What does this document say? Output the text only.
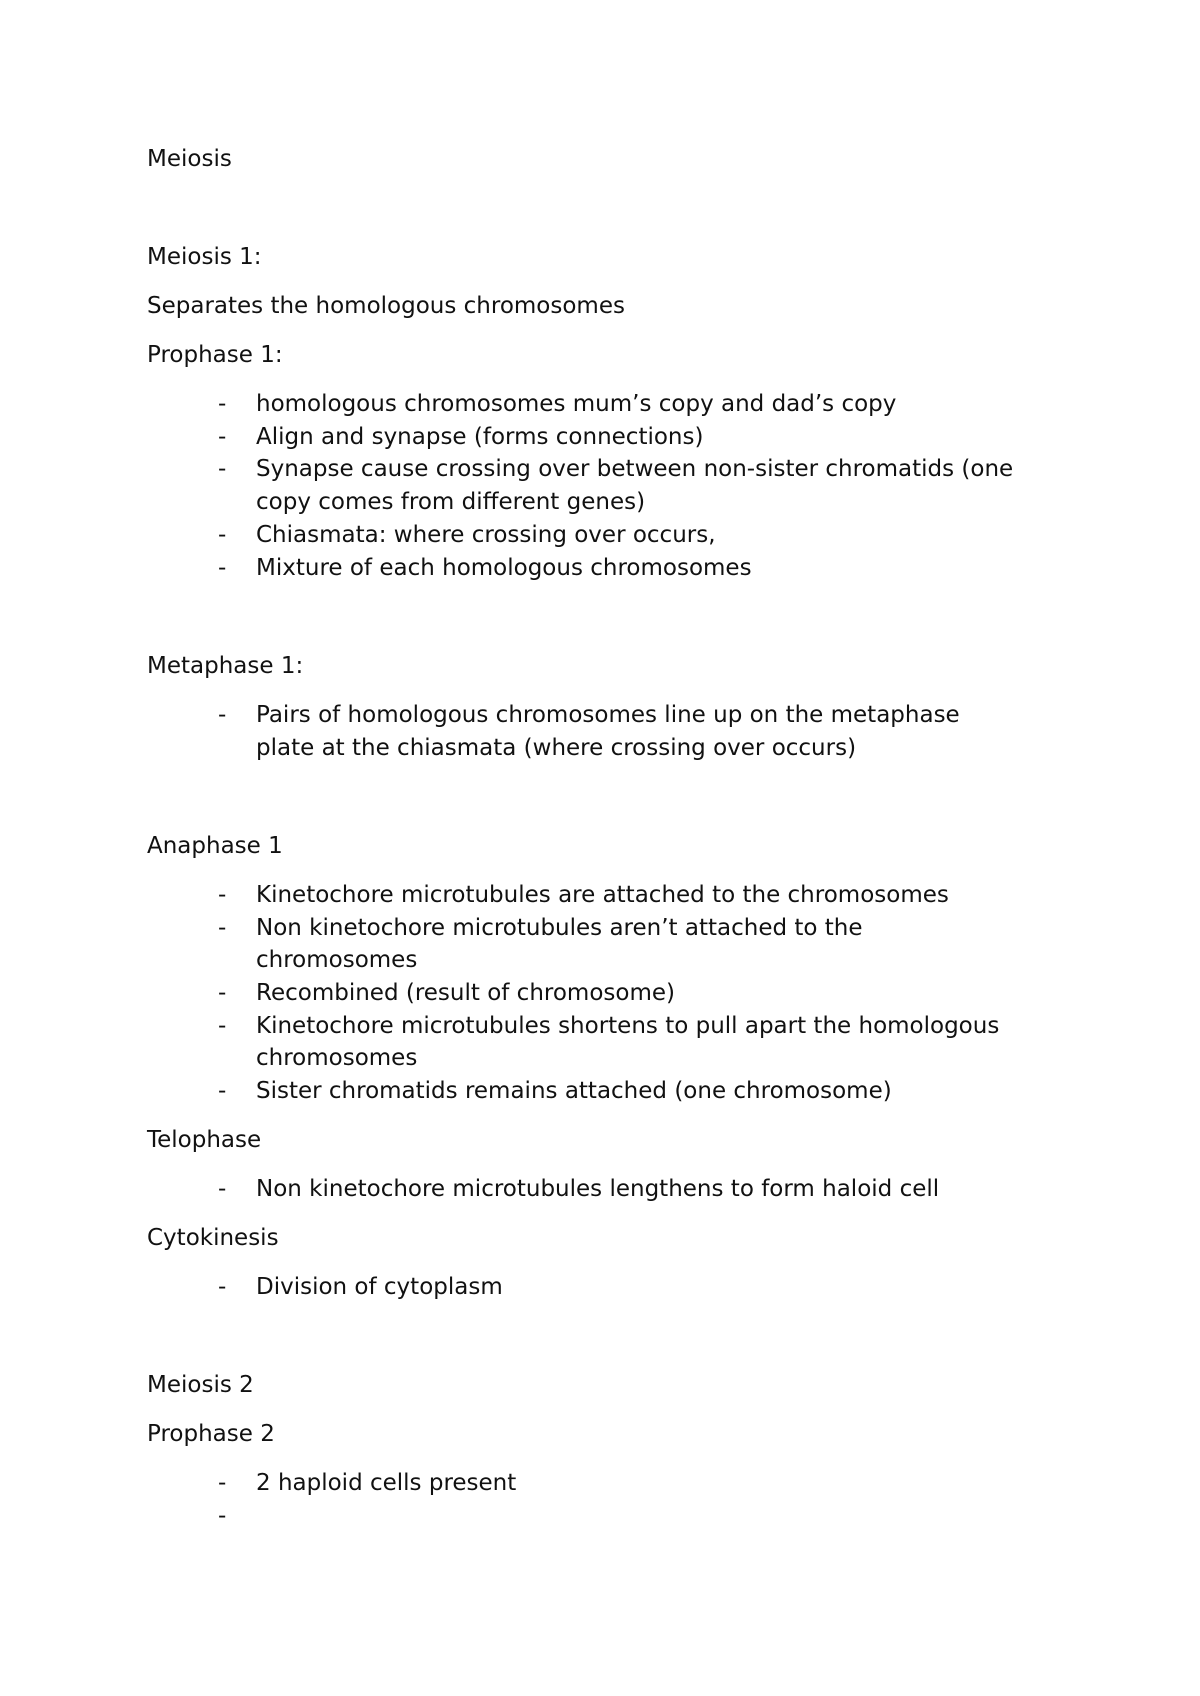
Meiosis
Meiosis 1:
Separates the homologous chromosomes
Prophase 1:
- homologous chromosomes mum’s copy and dad’s copy
- Align and synapse (forms connections)
- Synapse cause crossing over between non-sister chromatids (one
copy comes from different genes)
- Chiasmata: where crossing over occurs,
- Mixture of each homologous chromosomes
Metaphase 1:
- Pairs of homologous chromosomes line up on the metaphase
plate at the chiasmata (where crossing over occurs)
Anaphase 1
- Kinetochore microtubules are attached to the chromosomes
- Non kinetochore microtubules aren’t attached to the
chromosomes
- Recombined (result of chromosome)
- Kinetochore microtubules shortens to pull apart the homologous
chromosomes
- Sister chromatids remains attached (one chromosome)
Telophase
- Non kinetochore microtubules lengthens to form haloid cell
Cytokinesis
- Division of cytoplasm
Meiosis 2
Prophase 2
- 2 haploid cells present
-
